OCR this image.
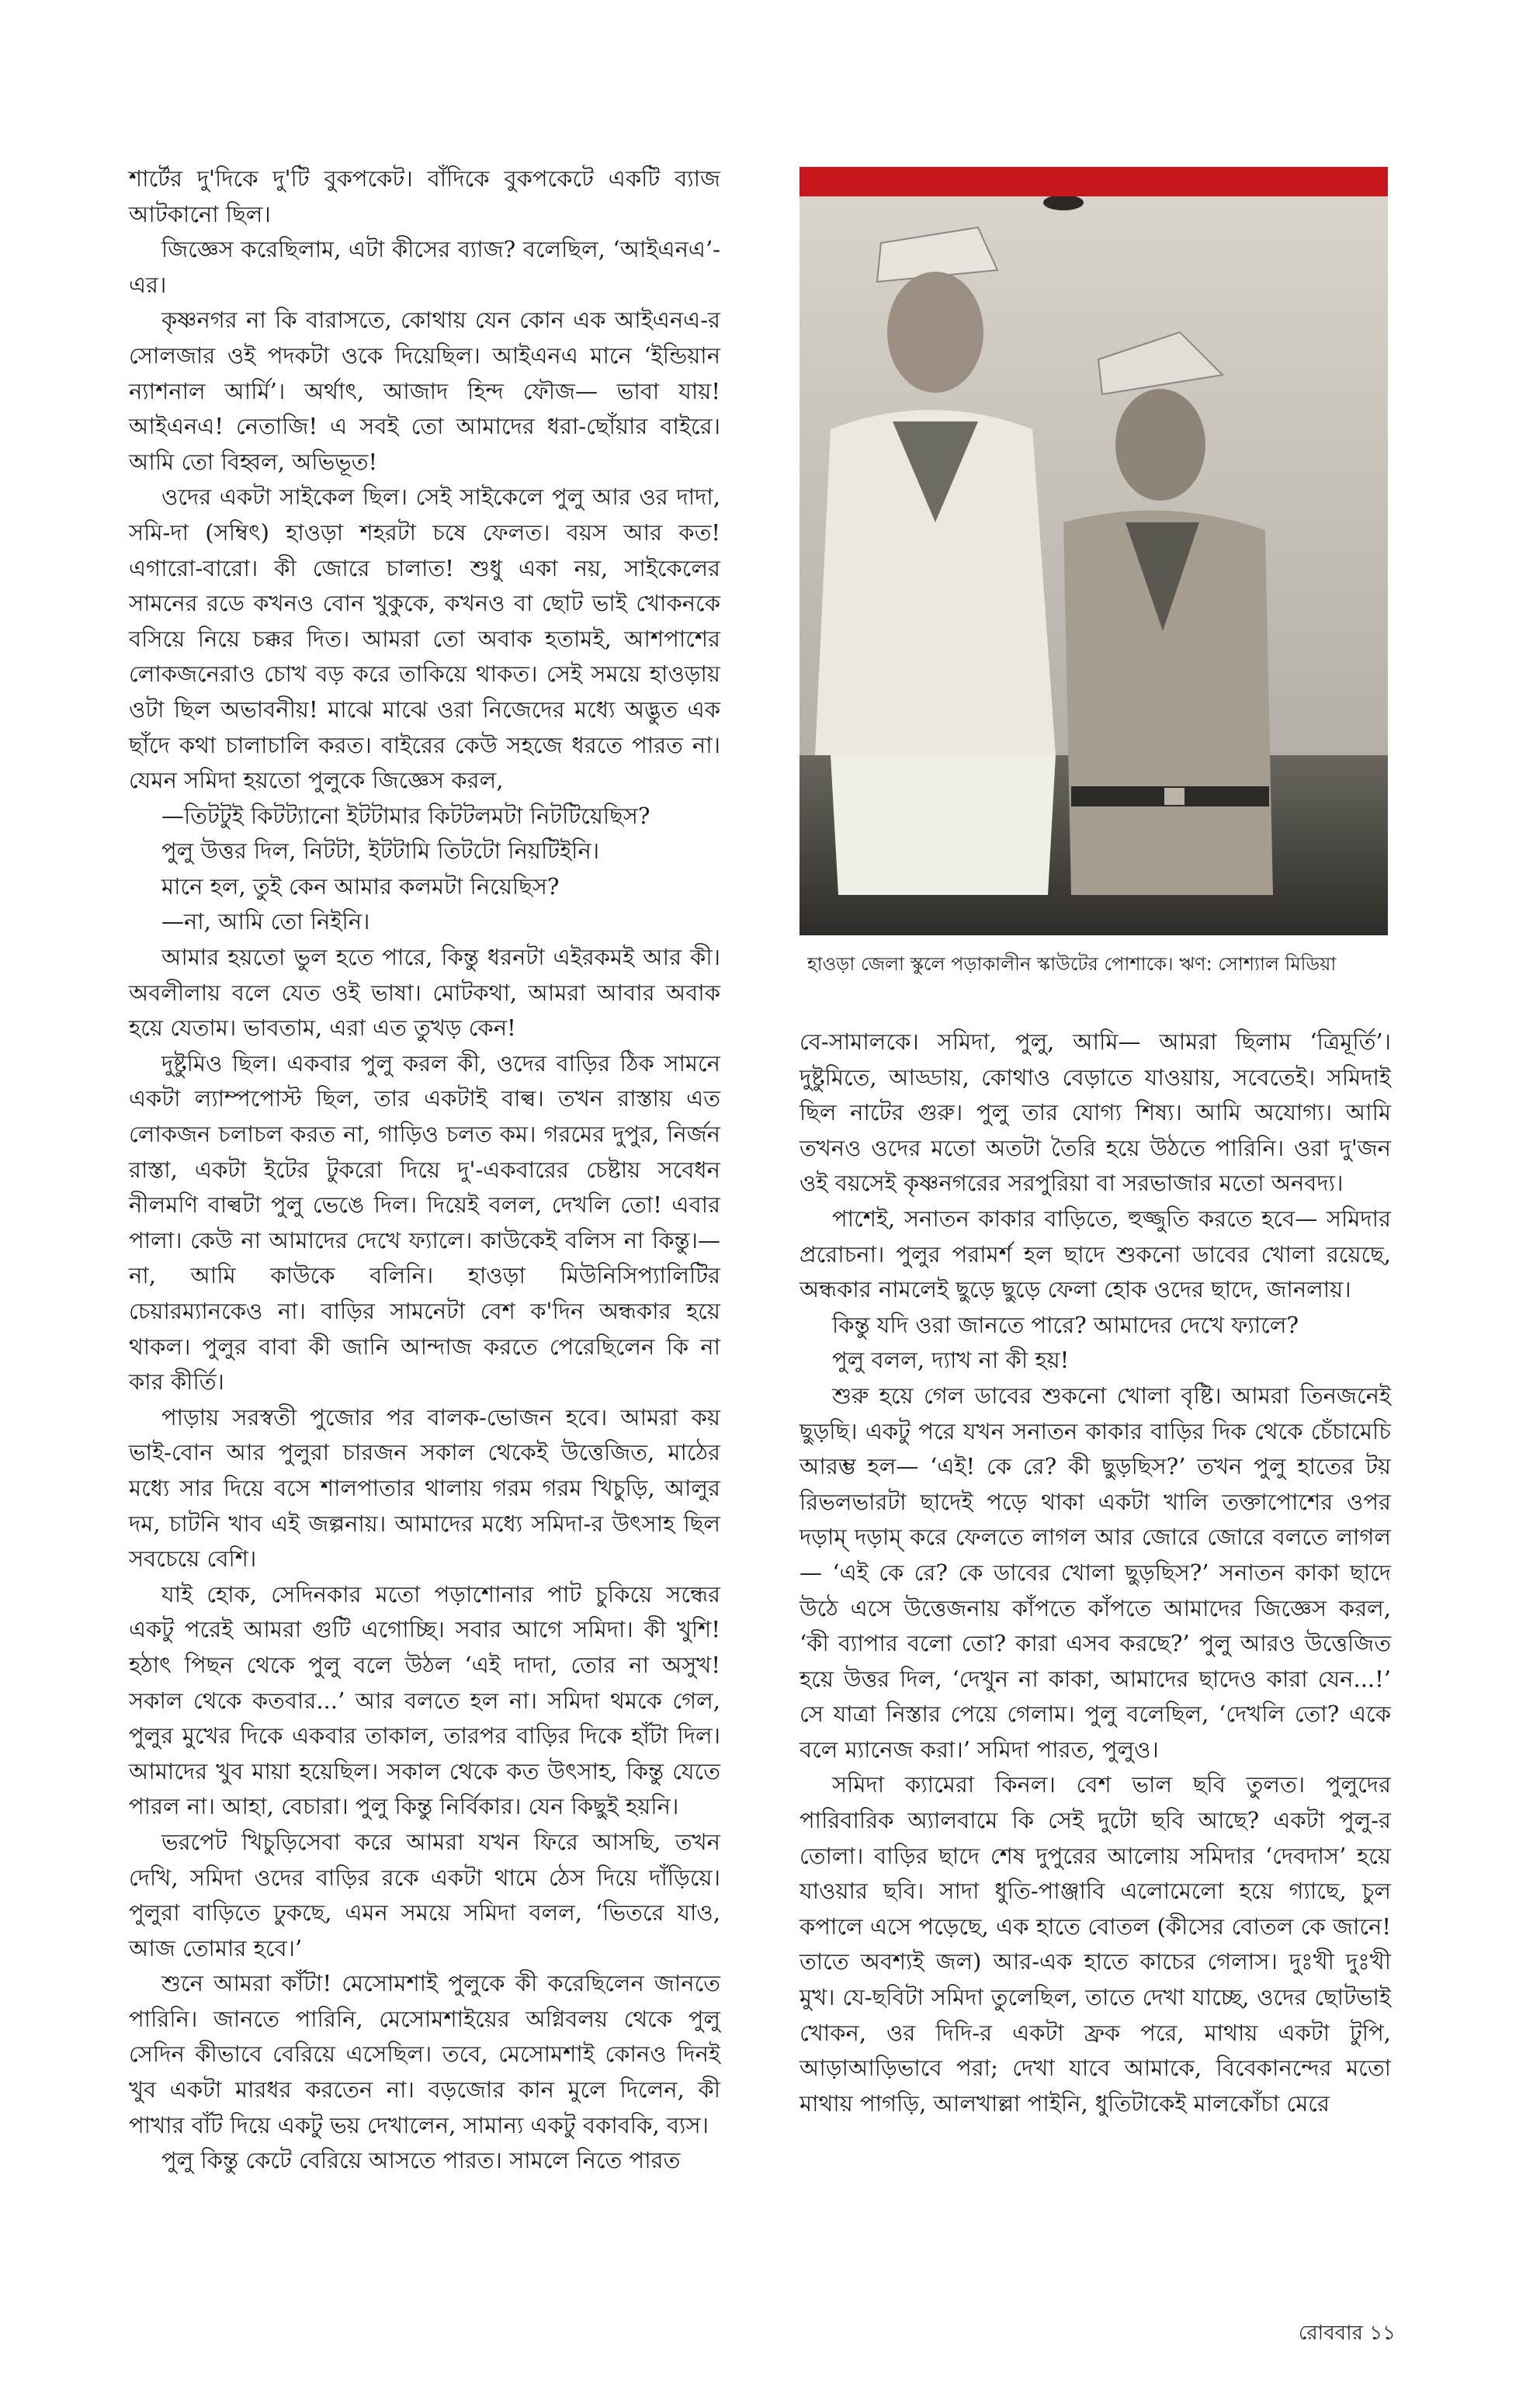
শার্টের দু'দিকে দু'টি বুকপকেট। বাঁদিকে বুকপকেটে একটি ব্যাজ আটকানো ছিল।

জিজ্ঞেস করেছিলাম, এটা কীসের ব্যাজ? বলেছিল, ‘আইএনএ’-এর।

কৃষ্ণনগর না কি বারাসতে, কোথায় যেন কোন এক আইএনএ-র সোলজার ওই পদকটা ওকে দিয়েছিল। আইএনএ মানে ‘ইন্ডিয়ান ন্যাশনাল আর্মি’। অর্থাৎ, আজাদ হিন্দ ফৌজ— ভাবা যায়! আইএনএ! নেতাজি! এ সবই তো আমাদের ধরা-ছোঁয়ার বাইরে। আমি তো বিহ্বল, অভিভূত!

ওদের একটা সাইকেল ছিল। সেই সাইকেলে পুলু আর ওর দাদা, সমি-দা (সম্বিৎ) হাওড়া শহরটা চষে ফেলত। বয়স আর কত! এগারো-বারো। কী জোরে চালাত! শুধু একা নয়, সাইকেলের সামনের রডে কখনও বোন খুকুকে, কখনও বা ছোট ভাই খোকনকে বসিয়ে নিয়ে চক্কর দিত। আমরা তো অবাক হতামই, আশপাশের লোকজনেরাও চোখ বড় করে তাকিয়ে থাকত। সেই সময়ে হাওড়ায় ওটা ছিল অভাবনীয়! মাঝে মাঝে ওরা নিজেদের মধ্যে অদ্ভুত এক ছাঁদে কথা চালাচালি করত। বাইরের কেউ সহজে ধরতে পারত না। যেমন সমিদা হয়তো পুলুকে জিজ্ঞেস করল,

—তিটটুই কিটট্যানো ইটটামার কিটটলমটা নিটটিয়েছিস?

পুলু উত্তর দিল, নিটটা, ইটটামি তিটটো নিয়টিইনি।

মানে হল, তুই কেন আমার কলমটা নিয়েছিস?

—না, আমি তো নিইনি।

আমার হয়তো ভুল হতে পারে, কিন্তু ধরনটা এইরকমই আর কী। অবলীলায় বলে যেত ওই ভাষা। মোটকথা, আমরা আবার অবাক হয়ে যেতাম। ভাবতাম, এরা এত তুখড় কেন!

দুষ্টুমিও ছিল। একবার পুলু করল কী, ওদের বাড়ির ঠিক সামনে একটা ল্যাম্পপোস্ট ছিল, তার একটাই বাল্ব। তখন রাস্তায় এত লোকজন চলাচল করত না, গাড়িও চলত কম। গরমের দুপুর, নির্জন রাস্তা, একটা ইটের টুকরো দিয়ে দু'-একবারের চেষ্টায় সবেধন নীলমণি বাল্বটা পুলু ভেঙে দিল। দিয়েই বলল, দেখলি তো! এবার পালা। কেউ না আমাদের দেখে ফ্যালে। কাউকেই বলিস না কিন্তু।— না, আমি কাউকে বলিনি। হাওড়া মিউনিসিপ্যালিটির চেয়ারম্যানকেও না। বাড়ির সামনেটা বেশ ক'দিন অন্ধকার হয়ে থাকল। পুলুর বাবা কী জানি আন্দাজ করতে পেরেছিলেন কি না কার কীর্তি।

পাড়ায় সরস্বতী পুজোর পর বালক-ভোজন হবে। আমরা কয় ভাই-বোন আর পুলুরা চারজন সকাল থেকেই উত্তেজিত, মাঠের মধ্যে সার দিয়ে বসে শালপাতার থালায় গরম গরম খিচুড়ি, আলুর দম, চাটনি খাব এই জল্পনায়। আমাদের মধ্যে সমিদা-র উৎসাহ ছিল সবচেয়ে বেশি।

যাই হোক, সেদিনকার মতো পড়াশোনার পাট চুকিয়ে সন্ধের একটু পরেই আমরা গুটি এগোচ্ছি। সবার আগে সমিদা। কী খুশি! হঠাৎ পিছন থেকে পুলু বলে উঠল ‘এই দাদা, তোর না অসুখ! সকাল থেকে কতবার...’ আর বলতে হল না। সমিদা থমকে গেল, পুলুর মুখের দিকে একবার তাকাল, তারপর বাড়ির দিকে হাঁটা দিল। আমাদের খুব মায়া হয়েছিল। সকাল থেকে কত উৎসাহ, কিন্তু যেতে পারল না। আহা, বেচারা। পুলু কিন্তু নির্বিকার। যেন কিছুই হয়নি।

ভরপেট খিচুড়িসেবা করে আমরা যখন ফিরে আসছি, তখন দেখি, সমিদা ওদের বাড়ির রকে একটা থামে ঠেস দিয়ে দাঁড়িয়ে। পুলুরা বাড়িতে ঢুকছে, এমন সময়ে সমিদা বলল, ‘ভিতরে যাও, আজ তোমার হবে।’

শুনে আমরা কাঁটা! মেসোমশাই পুলুকে কী করেছিলেন জানতে পারিনি। জানতে পারিনি, মেসোমশাইয়ের অগ্নিবলয় থেকে পুলু সেদিন কীভাবে বেরিয়ে এসেছিল। তবে, মেসোমশাই কোনও দিনই খুব একটা মারধর করতেন না। বড়জোর কান মুলে দিলেন, কী পাখার বাঁট দিয়ে একটু ভয় দেখালেন, সামান্য একটু বকাবকি, ব্যস।

পুলু কিন্তু কেটে বেরিয়ে আসতে পারত। সামলে নিতে পারত

হাওড়া জেলা স্কুলে পড়াকালীন স্কাউটের পোশাকে। ঋণ: সোশ্যাল মিডিয়া

বে-সামালকে। সমিদা, পুলু, আমি— আমরা ছিলাম ‘ত্রিমূর্তি’। দুষ্টুমিতে, আড্ডায়, কোথাও বেড়াতে যাওয়ায়, সবেতেই। সমিদাই ছিল নাটের গুরু। পুলু তার যোগ্য শিষ্য। আমি অযোগ্য। আমি তখনও ওদের মতো অতটা তৈরি হয়ে উঠতে পারিনি। ওরা দু'জন ওই বয়সেই কৃষ্ণনগরের সরপুরিয়া বা সরভাজার মতো অনবদ্য।

পাশেই, সনাতন কাকার বাড়িতে, হুজ্জুতি করতে হবে— সমিদার প্ররোচনা। পুলুর পরামর্শ হল ছাদে শুকনো ডাবের খোলা রয়েছে, অন্ধকার নামলেই ছুড়ে ছুড়ে ফেলা হোক ওদের ছাদে, জানলায়।

কিন্তু যদি ওরা জানতে পারে? আমাদের দেখে ফ্যালে?

পুলু বলল, দ্যাখ না কী হয়!

শুরু হয়ে গেল ডাবের শুকনো খোলা বৃষ্টি। আমরা তিনজনেই ছুড়ছি। একটু পরে যখন সনাতন কাকার বাড়ির দিক থেকে চেঁচামেচি আরম্ভ হল— ‘এই! কে রে? কী ছুড়ছিস?’ তখন পুলু হাতের টয় রিভলভারটা ছাদেই পড়ে থাকা একটা খালি তক্তাপোশের ওপর দড়াম্ দড়াম্ করে ফেলতে লাগল আর জোরে জোরে বলতে লাগল— ‘এই কে রে? কে ডাবের খোলা ছুড়ছিস?’ সনাতন কাকা ছাদে উঠে এসে উত্তেজনায় কাঁপতে কাঁপতে আমাদের জিজ্ঞেস করল, ‘কী ব্যাপার বলো তো? কারা এসব করছে?’ পুলু আরও উত্তেজিত হয়ে উত্তর দিল, ‘দেখুন না কাকা, আমাদের ছাদেও কারা যেন...!’ সে যাত্রা নিস্তার পেয়ে গেলাম। পুলু বলেছিল, ‘দেখলি তো? একে বলে ম্যানেজ করা।’ সমিদা পারত, পুলুও।

সমিদা ক্যামেরা কিনল। বেশ ভাল ছবি তুলত। পুলুদের পারিবারিক অ্যালবামে কি সেই দুটো ছবি আছে? একটা পুলু-র তোলা। বাড়ির ছাদে শেষ দুপুরের আলোয় সমিদার ‘দেবদাস’ হয়ে যাওয়ার ছবি। সাদা ধুতি-পাঞ্জাবি এলোমেলো হয়ে গ্যাছে, চুল কপালে এসে পড়েছে, এক হাতে বোতল (কীসের বোতল কে জানে! তাতে অবশ্যই জল) আর-এক হাতে কাচের গেলাস। দুঃখী দুঃখী মুখ। যে-ছবিটা সমিদা তুলেছিল, তাতে দেখা যাচ্ছে, ওদের ছোটভাই খোকন, ওর দিদি-র একটা ফ্রক পরে, মাথায় একটা টুপি, আড়াআড়িভাবে পরা; দেখা যাবে আমাকে, বিবেকানন্দের মতো মাথায় পাগড়ি, আলখাল্লা পাইনি, ধুতিটাকেই মালকোঁচা মেরে

রোববার ১১
